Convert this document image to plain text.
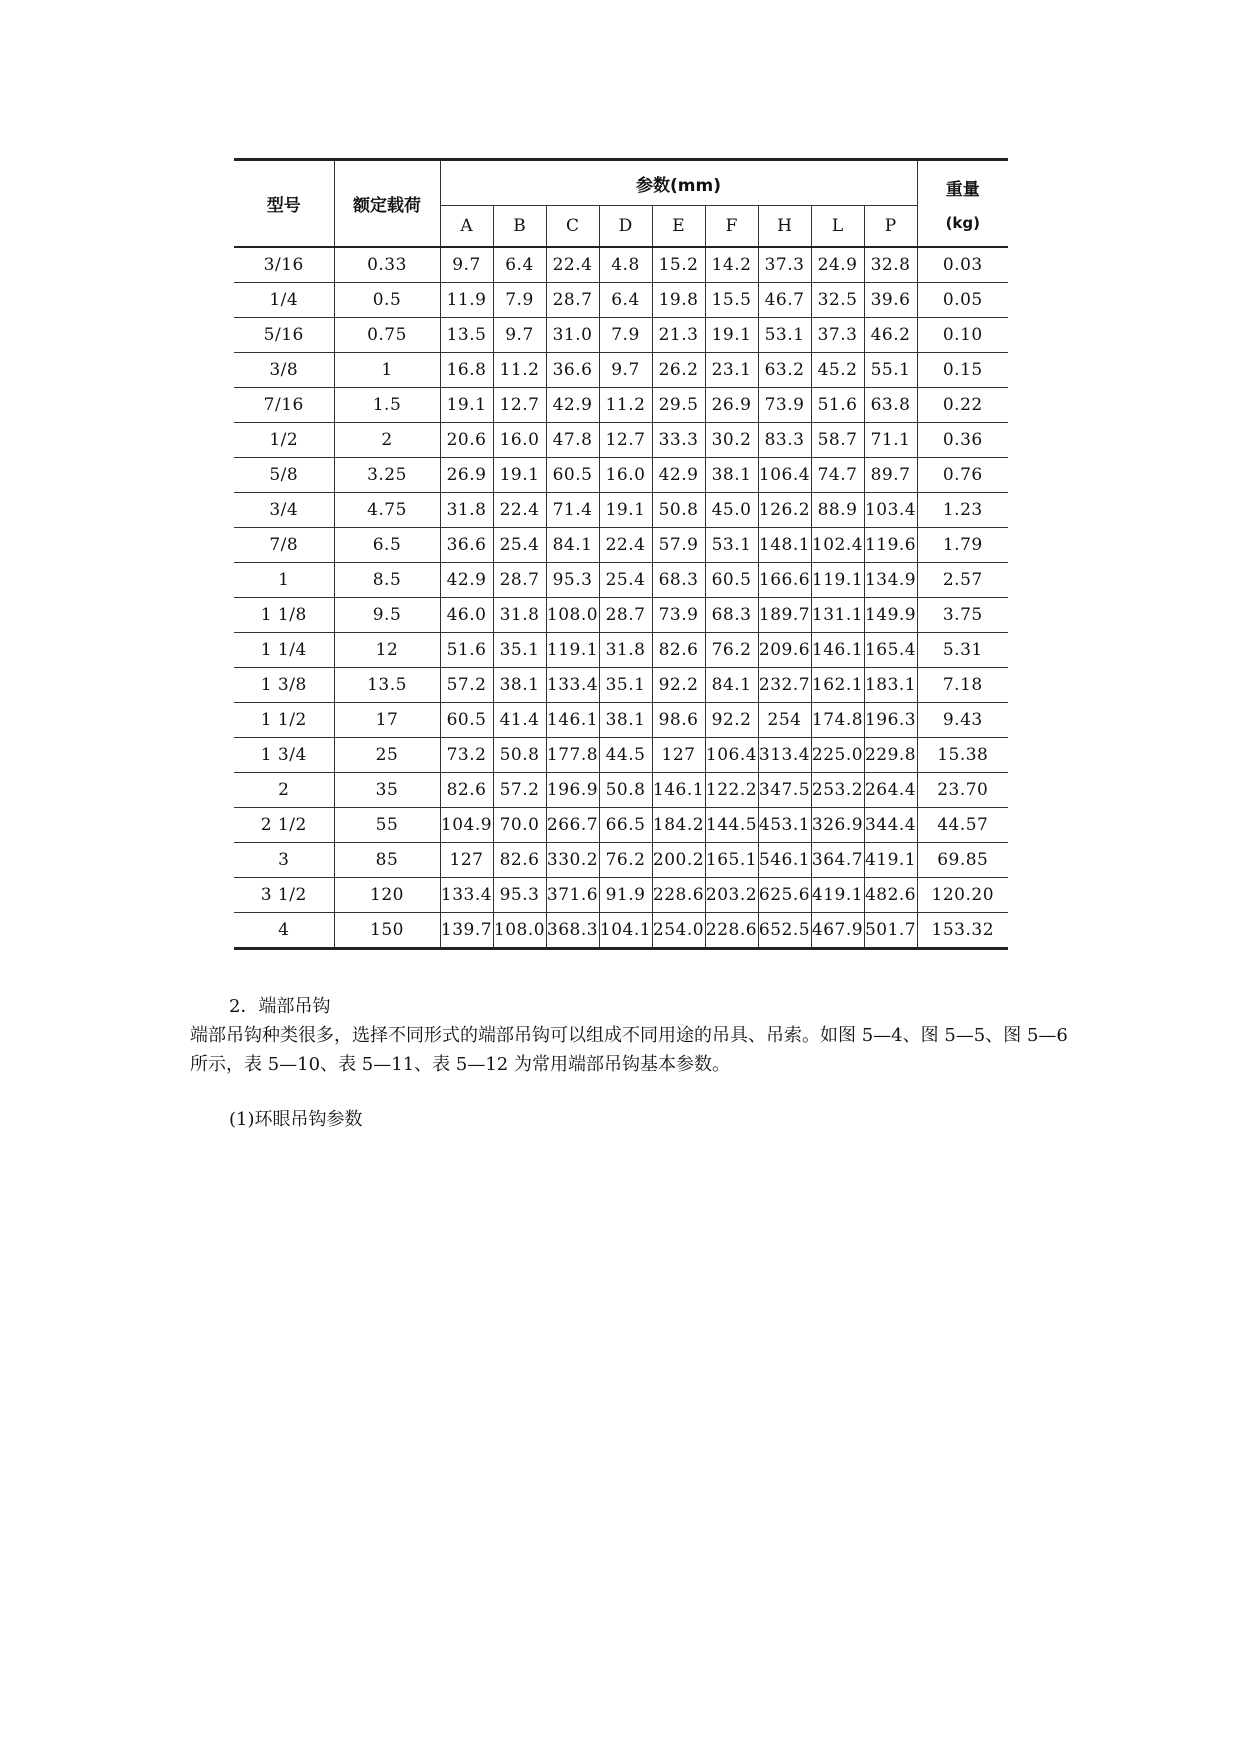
型号	额定载荷	参数(mm)									重量
(kg)

		A	B	C	D	E	F	H	L	P	
3/16	0.33	9.7	6.4	22.4	4.8	15.2	14.2	37.3	24.9	32.8	0.03
1/4	0.5	11.9	7.9	28.7	6.4	19.8	15.5	46.7	32.5	39.6	0.05
5/16	0.75	13.5	9.7	31.0	7.9	21.3	19.1	53.1	37.3	46.2	0.10
3/8	1	16.8	11.2	36.6	9.7	26.2	23.1	63.2	45.2	55.1	0.15
7/16	1.5	19.1	12.7	42.9	11.2	29.5	26.9	73.9	51.6	63.8	0.22
1/2	2	20.6	16.0	47.8	12.7	33.3	30.2	83.3	58.7	71.1	0.36
5/8	3.25	26.9	19.1	60.5	16.0	42.9	38.1	106.4	74.7	89.7	0.76
3/4	4.75	31.8	22.4	71.4	19.1	50.8	45.0	126.2	88.9	103.4	1.23
7/8	6.5	36.6	25.4	84.1	22.4	57.9	53.1	148.1	102.4	119.6	1.79
1	8.5	42.9	28.7	95.3	25.4	68.3	60.5	166.6	119.1	134.9	2.57
1 1/8	9.5	46.0	31.8	108.0	28.7	73.9	68.3	189.7	131.1	149.9	3.75
1 1/4	12	51.6	35.1	119.1	31.8	82.6	76.2	209.6	146.1	165.4	5.31
1 3/8	13.5	57.2	38.1	133.4	35.1	92.2	84.1	232.7	162.1	183.1	7.18
1 1/2	17	60.5	41.4	146.1	38.1	98.6	92.2	254	174.8	196.3	9.43
1 3/4	25	73.2	50.8	177.8	44.5	127	106.4	313.4	225.0	229.8	15.38
2	35	82.6	57.2	196.9	50.8	146.1	122.2	347.5	253.2	264.4	23.70
2 1/2	55	104.9	70.0	266.7	66.5	184.2	144.5	453.1	326.9	344.4	44.57
3	85	127	82.6	330.2	76.2	200.2	165.1	546.1	364.7	419.1	69.85
3 1/2	120	133.4	95.3	371.6	91.9	228.6	203.2	625.6	419.1	482.6	120.20
4	150	139.7	108.0	368.3	104.1	254.0	228.6	652.5	467.9	501.7	153.32
2．端部吊钩
端部吊钩种类很多，选择不同形式的端部吊钩可以组成不同用途的吊具、吊索。如图 5—4、图 5—5、图 5—6 所示，表 5—10、表 5—11、表 5—12 为常用端部吊钩基本参数。
(1)环眼吊钩参数
